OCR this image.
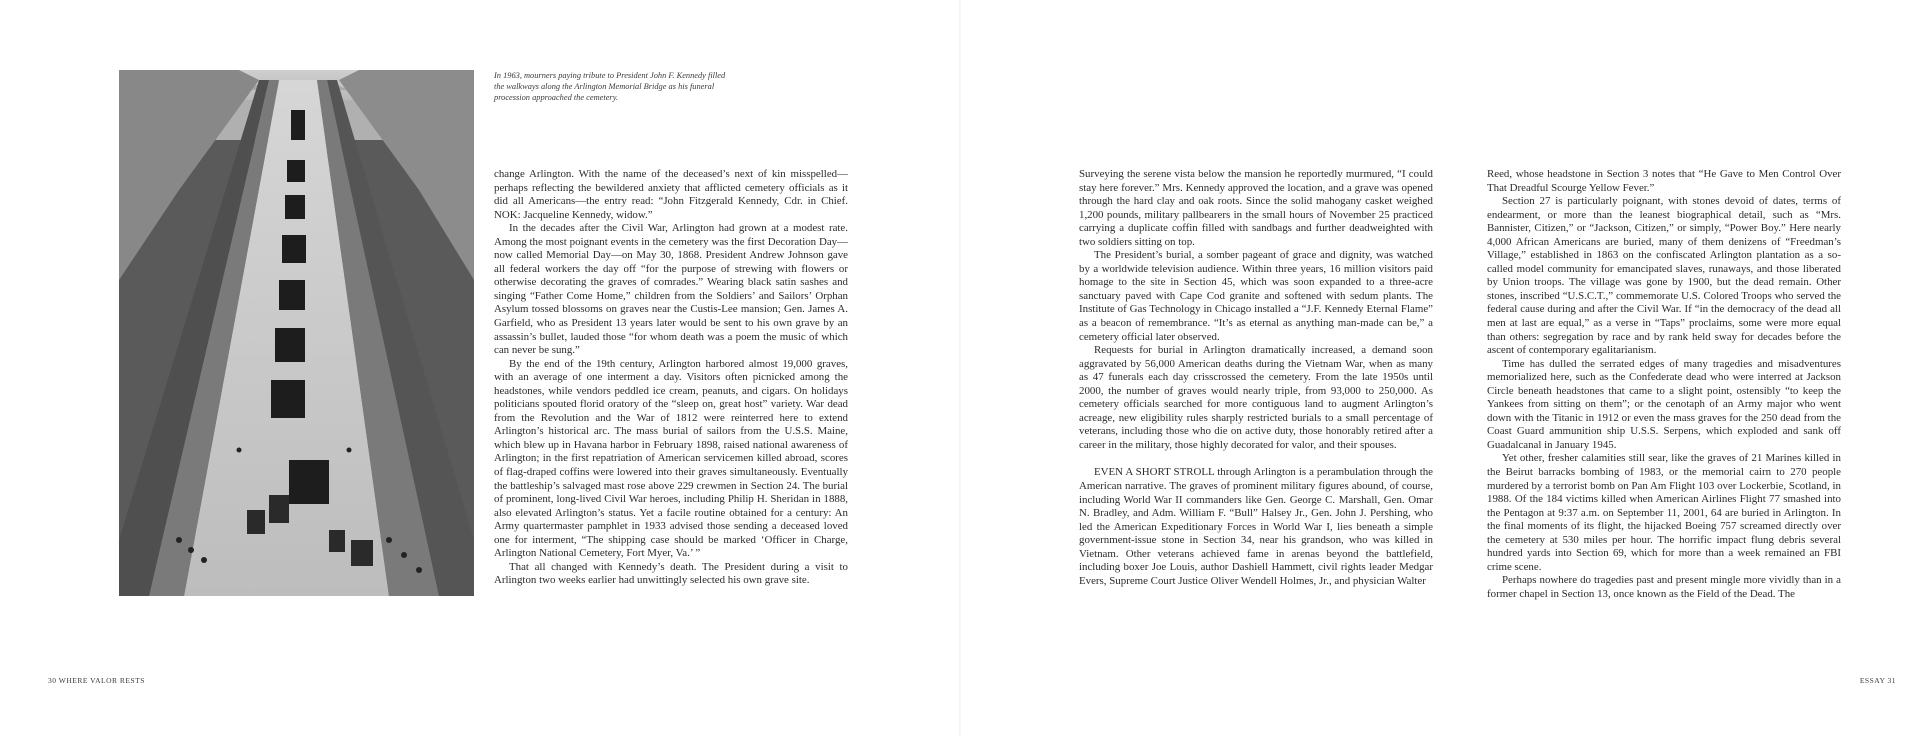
In 1963, mourners paying tribute to President John F. Kennedy filled the walkways along the Arlington Memorial Bridge as his funeral procession approached the cemetery.

change Arlington. With the name of the deceased’s next of kin misspelled—perhaps reflecting the bewildered anxiety that afflicted cemetery officials as it did all Americans—the entry read: “John Fitzgerald Kennedy, Cdr. in Chief. NOK: Jacqueline Kennedy, widow.”

In the decades after the Civil War, Arlington had grown at a modest rate. Among the most poignant events in the cemetery was the first Decoration Day—now called Memorial Day—on May 30, 1868. President Andrew Johnson gave all federal workers the day off “for the purpose of strewing with flowers or otherwise decorating the graves of comrades.” Wearing black satin sashes and singing “Father Come Home,” children from the Soldiers’ and Sailors’ Orphan Asylum tossed blossoms on graves near the Custis-Lee mansion; Gen. James A. Garfield, who as President 13 years later would be sent to his own grave by an assassin’s bullet, lauded those “for whom death was a poem the music of which can never be sung.”

By the end of the 19th century, Arlington harbored almost 19,000 graves, with an average of one interment a day. Visitors often picnicked among the headstones, while vendors peddled ice cream, peanuts, and cigars. On holidays politicians spouted florid oratory of the “sleep on, great host” variety. War dead from the Revolution and the War of 1812 were reinterred here to extend Arlington’s historical arc. The mass burial of sailors from the U.S.S. Maine, which blew up in Havana harbor in February 1898, raised national awareness of Arlington; in the first repatriation of American servicemen killed abroad, scores of flag-draped coffins were lowered into their graves simultaneously. Eventually the battleship’s salvaged mast rose above 229 crewmen in Section 24. The burial of prominent, long-lived Civil War heroes, including Philip H. Sheridan in 1888, also elevated Arlington’s status. Yet a facile routine obtained for a century: An Army quartermaster pamphlet in 1933 advised those sending a deceased loved one for interment, “The shipping case should be marked ‘Officer in Charge, Arlington National Cemetery, Fort Myer, Va.’ ”

That all changed with Kennedy’s death. The President during a visit to Arlington two weeks earlier had unwittingly selected his own grave site.

30 WHERE VALOR RESTS

Surveying the serene vista below the mansion he reportedly murmured, “I could stay here forever.” Mrs. Kennedy approved the location, and a grave was opened through the hard clay and oak roots. Since the solid mahogany casket weighed 1,200 pounds, military pallbearers in the small hours of November 25 practiced carrying a duplicate coffin filled with sandbags and further deadweighted with two soldiers sitting on top.

The President’s burial, a somber pageant of grace and dignity, was watched by a worldwide television audience. Within three years, 16 million visitors paid homage to the site in Section 45, which was soon expanded to a three-acre sanctuary paved with Cape Cod granite and softened with sedum plants. The Institute of Gas Technology in Chicago installed a “J.F. Kennedy Eternal Flame” as a beacon of remembrance. “It’s as eternal as anything man-made can be,” a cemetery official later observed.

Requests for burial in Arlington dramatically increased, a demand soon aggravated by 56,000 American deaths during the Vietnam War, when as many as 47 funerals each day crisscrossed the cemetery. From the late 1950s until 2000, the number of graves would nearly triple, from 93,000 to 250,000. As cemetery officials searched for more contiguous land to augment Arlington’s acreage, new eligibility rules sharply restricted burials to a small percentage of veterans, including those who die on active duty, those honorably retired after a career in the military, those highly decorated for valor, and their spouses.

EVEN A SHORT STROLL through Arlington is a perambulation through the American narrative. The graves of prominent military figures abound, of course, including World War II commanders like Gen. George C. Marshall, Gen. Omar N. Bradley, and Adm. William F. “Bull” Halsey Jr., Gen. John J. Pershing, who led the American Expeditionary Forces in World War I, lies beneath a simple government-issue stone in Section 34, near his grandson, who was killed in Vietnam. Other veterans achieved fame in arenas beyond the battlefield, including boxer Joe Louis, author Dashiell Hammett, civil rights leader Medgar Evers, Supreme Court Justice Oliver Wendell Holmes, Jr., and physician Walter

Reed, whose headstone in Section 3 notes that “He Gave to Men Control Over That Dreadful Scourge Yellow Fever.”

Section 27 is particularly poignant, with stones devoid of dates, terms of endearment, or more than the leanest biographical detail, such as “Mrs. Bannister, Citizen,” or “Jackson, Citizen,” or simply, “Power Boy.” Here nearly 4,000 African Americans are buried, many of them denizens of “Freedman’s Village,” established in 1863 on the confiscated Arlington plantation as a so-called model community for emancipated slaves, runaways, and those liberated by Union troops. The village was gone by 1900, but the dead remain. Other stones, inscribed “U.S.C.T.,” commemorate U.S. Colored Troops who served the federal cause during and after the Civil War. If “in the democracy of the dead all men at last are equal,” as a verse in “Taps” proclaims, some were more equal than others: segregation by race and by rank held sway for decades before the ascent of contemporary egalitarianism.

Time has dulled the serrated edges of many tragedies and misadventures memorialized here, such as the Confederate dead who were interred at Jackson Circle beneath headstones that came to a slight point, ostensibly “to keep the Yankees from sitting on them”; or the cenotaph of an Army major who went down with the Titanic in 1912 or even the mass graves for the 250 dead from the Coast Guard ammunition ship U.S.S. Serpens, which exploded and sank off Guadalcanal in January 1945.

Yet other, fresher calamities still sear, like the graves of 21 Marines killed in the Beirut barracks bombing of 1983, or the memorial cairn to 270 people murdered by a terrorist bomb on Pan Am Flight 103 over Lockerbie, Scotland, in 1988. Of the 184 victims killed when American Airlines Flight 77 smashed into the Pentagon at 9:37 a.m. on September 11, 2001, 64 are buried in Arlington. In the final moments of its flight, the hijacked Boeing 757 screamed directly over the cemetery at 530 miles per hour. The horrific impact flung debris several hundred yards into Section 69, which for more than a week remained an FBI crime scene.

Perhaps nowhere do tragedies past and present mingle more vividly than in a former chapel in Section 13, once known as the Field of the Dead. The

ESSAY 31
